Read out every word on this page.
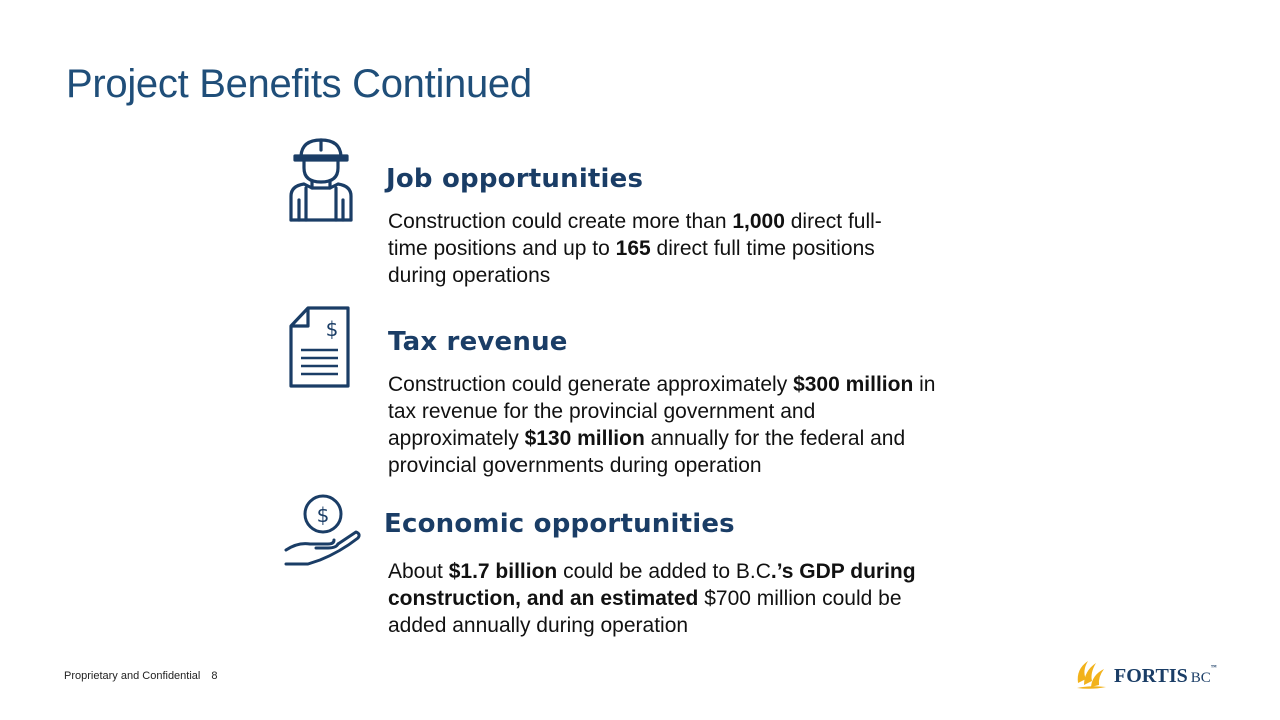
Project Benefits Continued
Job opportunities
Construction could create more than 1,000 direct full-
time positions and up to 165 direct full time positions
during operations
$ Tax revenue
Construction could generate approximately $300 million in
tax revenue for the provincial government and
approximately $130 million annually for the federal and
provincial governments during operation
$ Economic opportunities
About $1.7 billion could be added to B.C.’s GDP during
construction, and an estimated $700 million could be
added annually during operation
Proprietary and Confidential 8	FORTIS BC™
